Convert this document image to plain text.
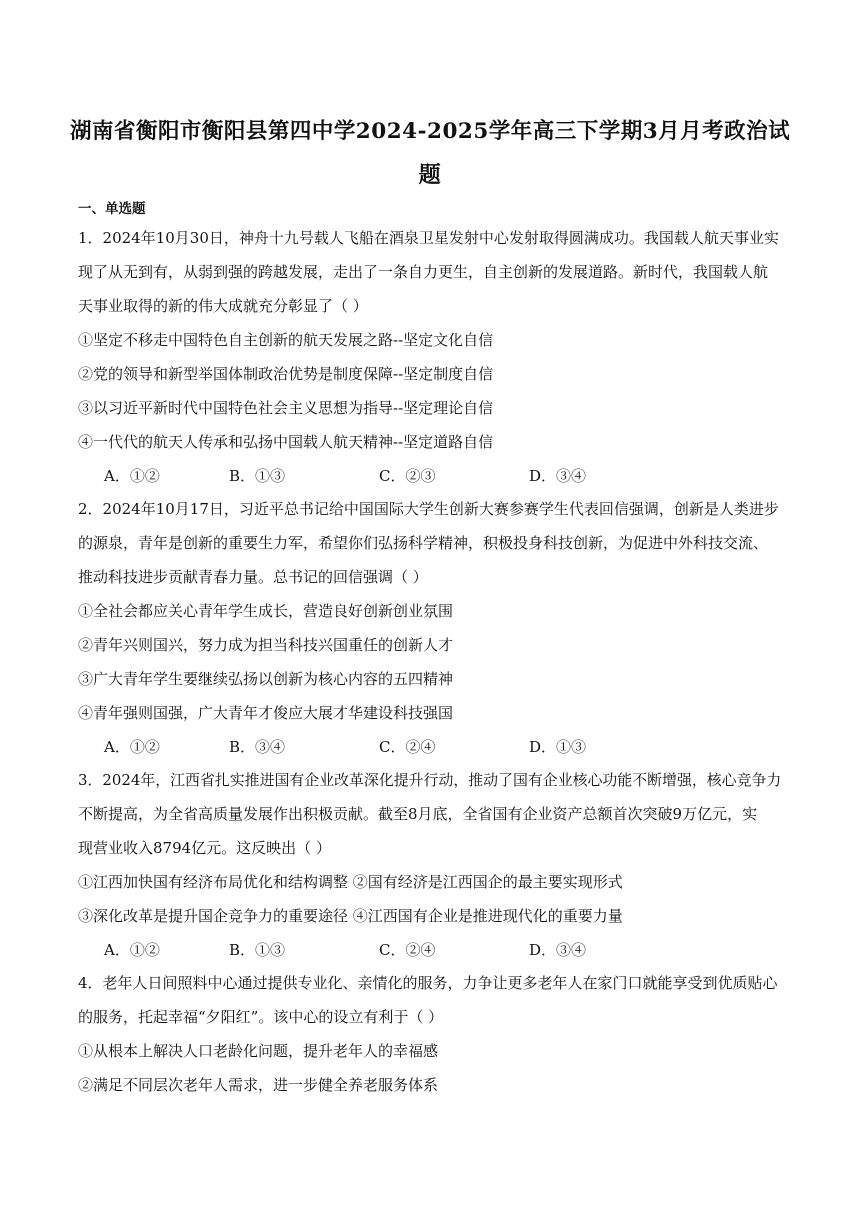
湖南省衡阳市衡阳县第四中学2024-2025学年高三下学期3月月考政治试
题
一、单选题
1．2024年10月30日，神舟十九号载人飞船在酒泉卫星发射中心发射取得圆满成功。我国载人航天事业实
现了从无到有，从弱到强的跨越发展，走出了一条自力更生，自主创新的发展道路。新时代，我国载人航
天事业取得的新的伟大成就充分彰显了（ ）
①坚定不移走中国特色自主创新的航天发展之路--坚定文化自信
②党的领导和新型举国体制政治优势是制度保障--坚定制度自信
③以习近平新时代中国特色社会主义思想为指导--坚定理论自信
④一代代的航天人传承和弘扬中国载人航天精神--坚定道路自信
A．①②	B．①③	C．②③	D．③④
2．2024年10月17日，习近平总书记给中国国际大学生创新大赛参赛学生代表回信强调，创新是人类进步
的源泉，青年是创新的重要生力军，希望你们弘扬科学精神，积极投身科技创新，为促进中外科技交流、
推动科技进步贡献青春力量。总书记的回信强调（ ）
①全社会都应关心青年学生成长，营造良好创新创业氛围
②青年兴则国兴，努力成为担当科技兴国重任的创新人才
③广大青年学生要继续弘扬以创新为核心内容的五四精神
④青年强则国强，广大青年才俊应大展才华建设科技强国
A．①②	B．③④	C．②④	D．①③
3．2024年，江西省扎实推进国有企业改革深化提升行动，推动了国有企业核心功能不断增强，核心竞争力
不断提高，为全省高质量发展作出积极贡献。截至8月底，全省国有企业资产总额首次突破9万亿元，实
现营业收入8794亿元。这反映出（ ）
①江西加快国有经济布局优化和结构调整 ②国有经济是江西国企的最主要实现形式
③深化改革是提升国企竞争力的重要途径 ④江西国有企业是推进现代化的重要力量
A．①②	B．①③	C．②④	D．③④
4．老年人日间照料中心通过提供专业化、亲情化的服务，力争让更多老年人在家门口就能享受到优质贴心
的服务，托起幸福“夕阳红”。该中心的设立有利于（ ）
①从根本上解决人口老龄化问题，提升老年人的幸福感
②满足不同层次老年人需求，进一步健全养老服务体系
